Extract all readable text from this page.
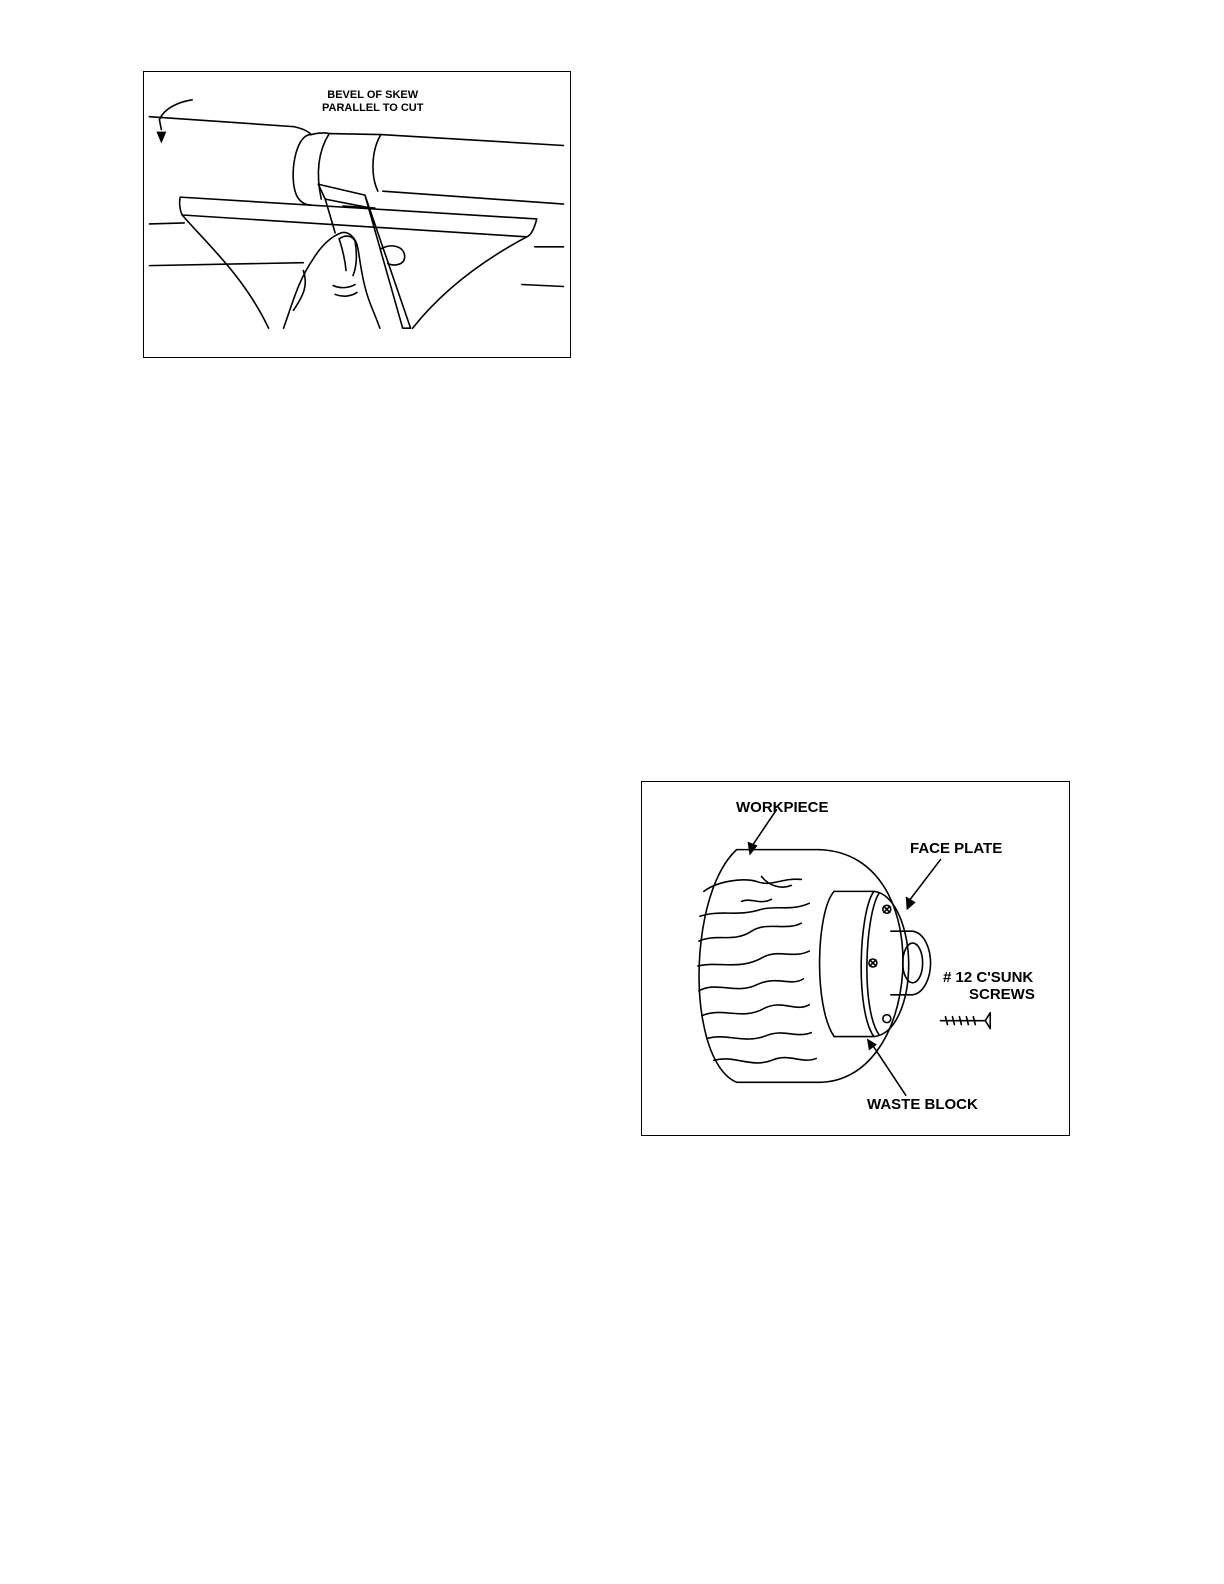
BEVEL OF SKEW
PARALLEL TO CUT
WORKPIECE
FACE PLATE
# 12 C'SUNK
SCREWS
WASTE BLOCK
